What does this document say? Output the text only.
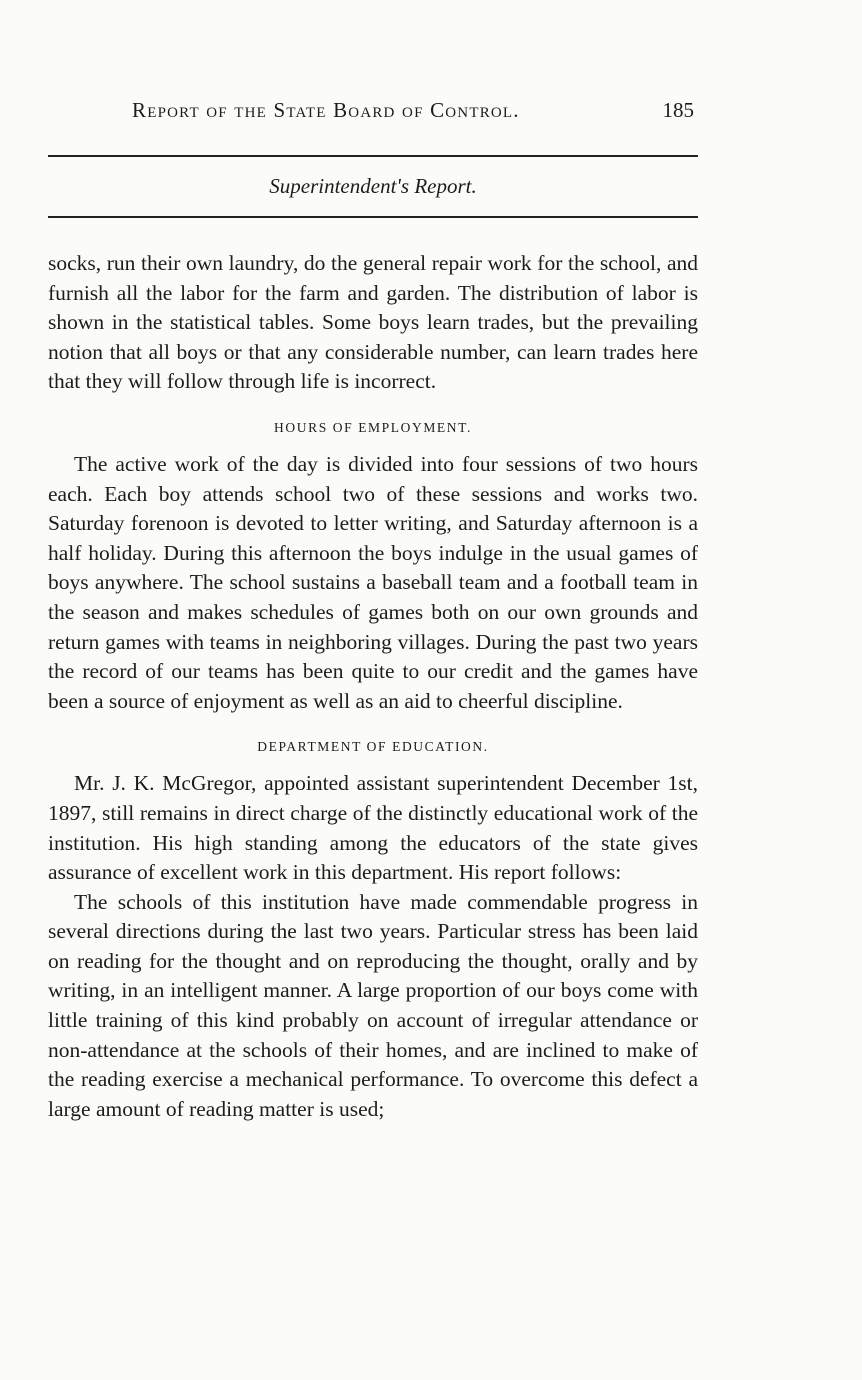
Report of the State Board of Control.	185
Superintendent's Report.

socks, run their own laundry, do the general repair work for the school, and furnish all the labor for the farm and garden. The distribution of labor is shown in the statistical tables. Some boys learn trades, but the prevailing notion that all boys or that any considerable number, can learn trades here that they will follow through life is incorrect.

HOURS OF EMPLOYMENT.

The active work of the day is divided into four sessions of two hours each. Each boy attends school two of these sessions and works two. Saturday forenoon is devoted to letter writing, and Saturday afternoon is a half holiday. During this afternoon the boys indulge in the usual games of boys anywhere. The school sustains a baseball team and a football team in the season and makes schedules of games both on our own grounds and return games with teams in neighboring villages. During the past two years the record of our teams has been quite to our credit and the games have been a source of enjoyment as well as an aid to cheerful discipline.

DEPARTMENT OF EDUCATION.

Mr. J. K. McGregor, appointed assistant superintendent December 1st, 1897, still remains in direct charge of the distinctly educational work of the institution. His high standing among the educators of the state gives assurance of excellent work in this department. His report follows:

The schools of this institution have made commendable progress in several directions during the last two years. Particular stress has been laid on reading for the thought and on reproducing the thought, orally and by writing, in an intelligent manner. A large proportion of our boys come with little training of this kind probably on account of irregular attendance or non-attendance at the schools of their homes, and are inclined to make of the reading exercise a mechanical performance. To overcome this defect a large amount of reading matter is used;
